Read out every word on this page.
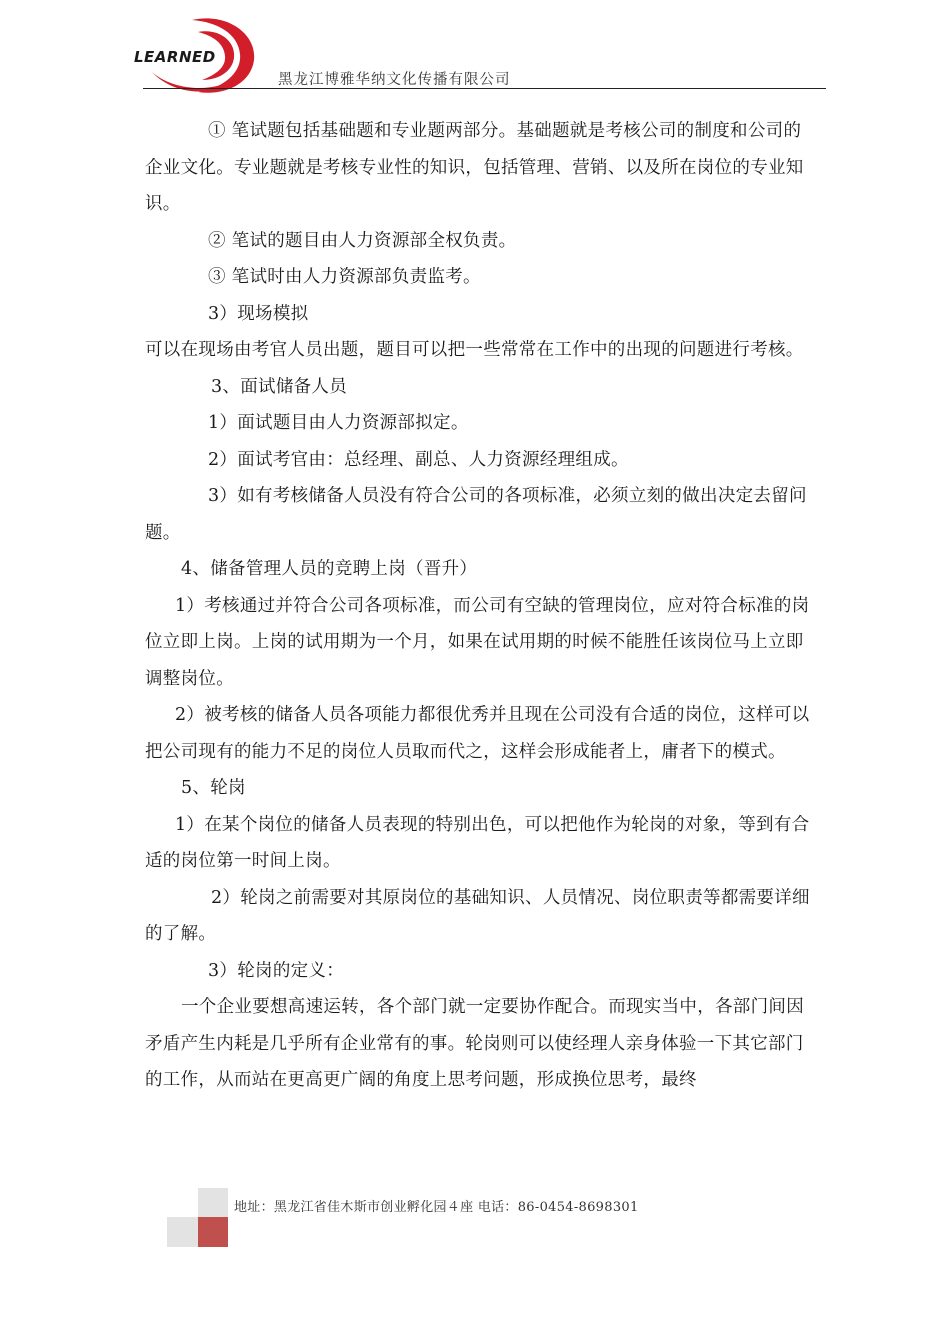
LEARNED
黑龙江博雅华纳文化传播有限公司

① 笔试题包括基础题和专业题两部分。基础题就是考核公司的制度和公司的企业文化。专业题就是考核专业性的知识，包括管理、营销、以及所在岗位的专业知识。

② 笔试的题目由人力资源部全权负责。

③ 笔试时由人力资源部负责监考。

3）现场模拟

可以在现场由考官人员出题，题目可以把一些常常在工作中的出现的问题进行考核。

3、面试储备人员

1）面试题目由人力资源部拟定。

2）面试考官由：总经理、副总、人力资源经理组成。

3）如有考核储备人员没有符合公司的各项标准，必须立刻的做出决定去留问题。

4、储备管理人员的竞聘上岗（晋升）

1）考核通过并符合公司各项标准，而公司有空缺的管理岗位，应对符合标准的岗位立即上岗。上岗的试用期为一个月，如果在试用期的时候不能胜任该岗位马上立即调整岗位。

2）被考核的储备人员各项能力都很优秀并且现在公司没有合适的岗位，这样可以把公司现有的能力不足的岗位人员取而代之，这样会形成能者上，庸者下的模式。

5、轮岗

1）在某个岗位的储备人员表现的特别出色，可以把他作为轮岗的对象，等到有合适的岗位第一时间上岗。

2）轮岗之前需要对其原岗位的基础知识、人员情况、岗位职责等都需要详细的了解。

3）轮岗的定义：

一个企业要想高速运转，各个部门就一定要协作配合。而现实当中，各部门间因矛盾产生内耗是几乎所有企业常有的事。轮岗则可以使经理人亲身体验一下其它部门的工作，从而站在更高更广阔的角度上思考问题，形成换位思考，最终

地址：黑龙江省佳木斯市创业孵化园４座 电话：86-0454-8698301
